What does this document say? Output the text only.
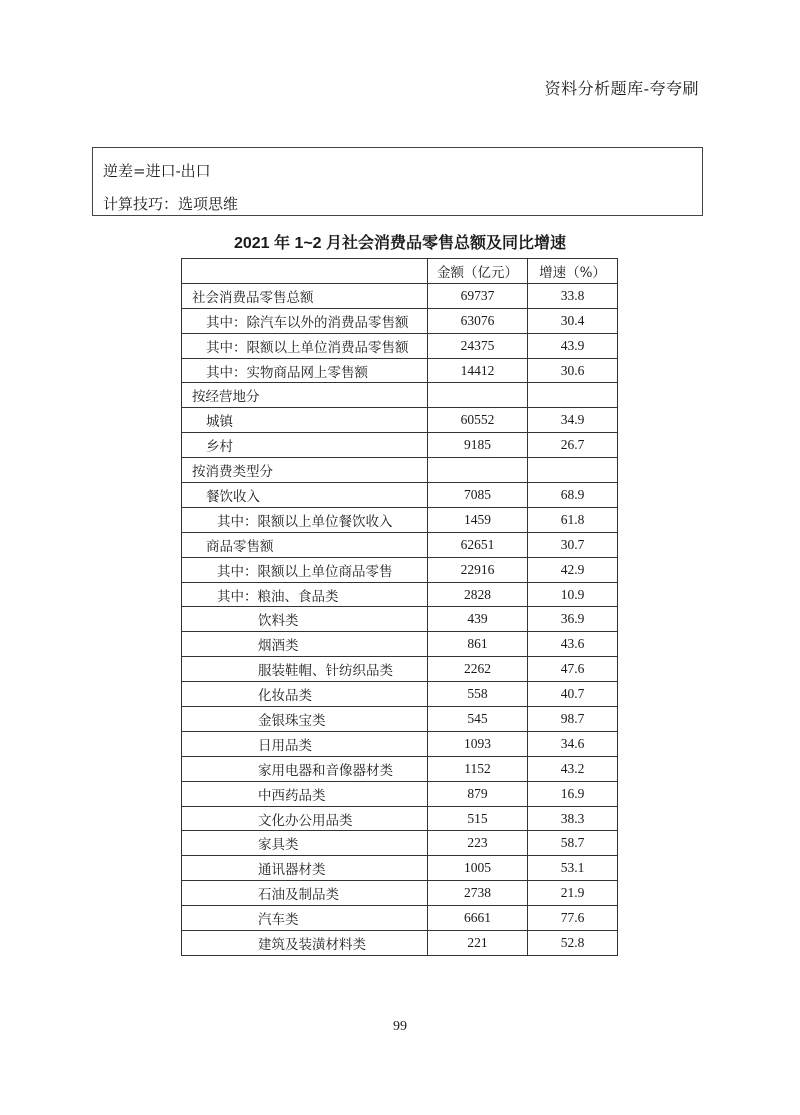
资料分析题库-夸夸刷
逆差=进口-出口
计算技巧：选项思维
2021 年 1~2 月社会消费品零售总额及同比增速
	金额（亿元）	增速（%）
社会消费品零售总额	69737	33.8
其中：除汽车以外的消费品零售额	63076	30.4
其中：限额以上单位消费品零售额	24375	43.9
其中：实物商品网上零售额	14412	30.6
按经营地分		
城镇	60552	34.9
乡村	9185	26.7
按消费类型分		
餐饮收入	7085	68.9
其中：限额以上单位餐饮收入	1459	61.8
商品零售额	62651	30.7
其中：限额以上单位商品零售	22916	42.9
其中：粮油、食品类	2828	10.9
饮料类	439	36.9
烟酒类	861	43.6
服装鞋帽、针纺织品类	2262	47.6
化妆品类	558	40.7
金银珠宝类	545	98.7
日用品类	1093	34.6
家用电器和音像器材类	1152	43.2
中西药品类	879	16.9
文化办公用品类	515	38.3
家具类	223	58.7
通讯器材类	1005	53.1
石油及制品类	2738	21.9
汽车类	6661	77.6
建筑及装潢材料类	221	52.8
99
